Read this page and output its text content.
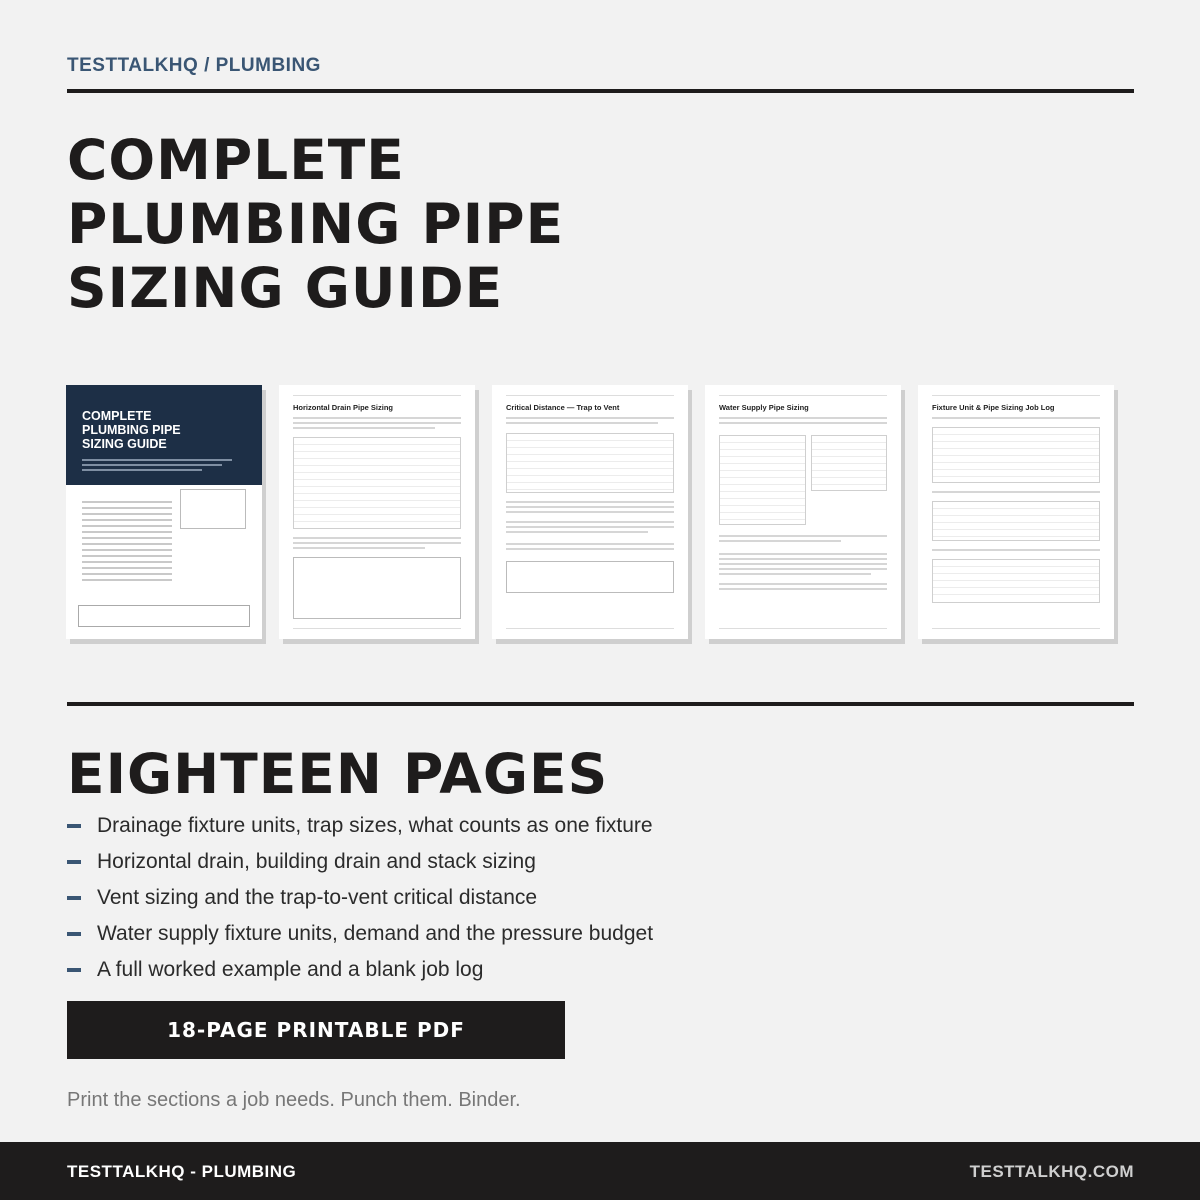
TESTTALKHQ / PLUMBING
COMPLETE
PLUMBING PIPE
SIZING GUIDE
EIGHTEEN PAGES
Drainage fixture units, trap sizes, what counts as one fixture
Horizontal drain, building drain and stack sizing
Vent sizing and the trap-to-vent critical distance
Water supply fixture units, demand and the pressure budget
A full worked example and a blank job log
18-PAGE PRINTABLE PDF
Print the sections a job needs. Punch them. Binder.
COMPLETE
PLUMBING PIPE
SIZING GUIDE
Horizontal Drain Pipe Sizing	Critical Distance — Trap to Vent	Water Supply Pipe Sizing	Fixture Unit & Pipe Sizing Job Log
TESTTALKHQ - PLUMBING	TESTTALKHQ.COM
